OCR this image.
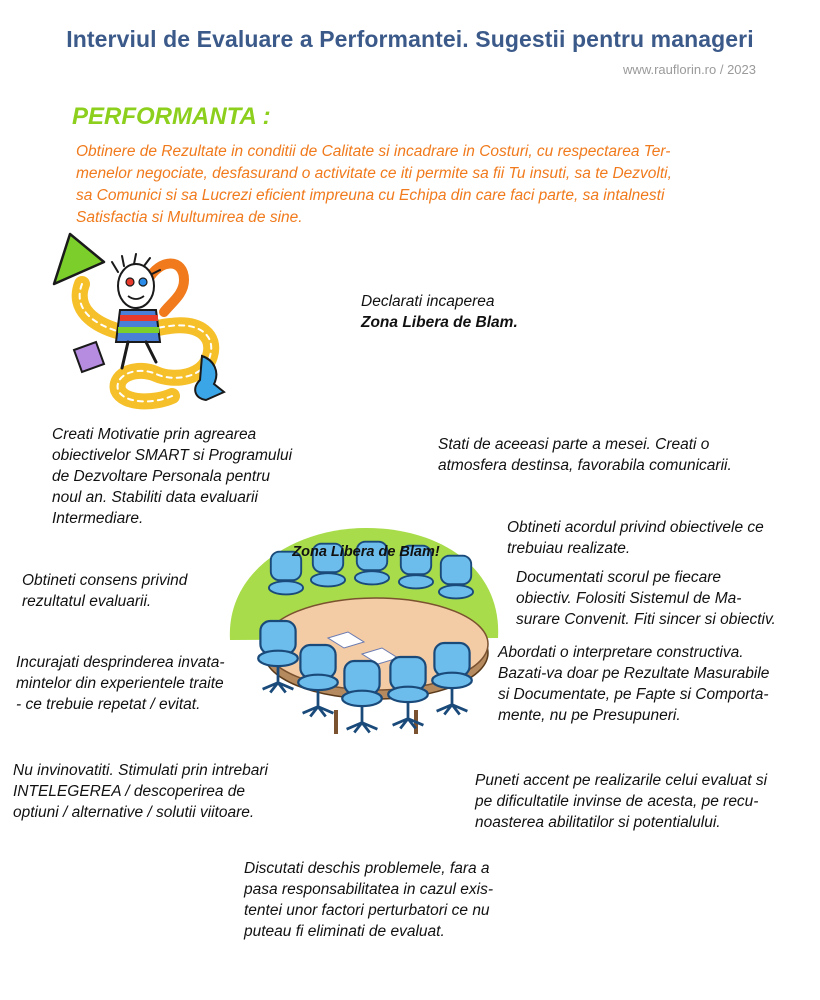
Interviul de Evaluare a Performantei. Sugestii pentru manageri
www.rauflorin.ro / 2023
PERFORMANTA :
Obtinere de Rezultate in conditii de Calitate si incadrare in Costuri, cu respectarea Ter-
menelor negociate, desfasurand o activitate ce iti permite sa fii Tu insuti, sa te Dezvolti,
sa Comunici si sa Lucrezi eficient impreuna cu Echipa din care faci parte, sa intalnesti
Satisfactia si Multumirea de sine.
Declarati incaperea
Zona Libera de Blam.
Creati Motivatie prin agrearea
obiectivelor SMART si Programului
de Dezvoltare Personala pentru
noul an. Stabiliti data evaluarii
Intermediare.
Stati de aceeasi parte a mesei. Creati o
atmosfera destinsa, favorabila comunicarii.
Obtineti acordul privind obiectivele ce
trebuiau realizate.
Documentati scorul pe fiecare
obiectiv. Folositi Sistemul de Ma-
surare Convenit. Fiti sincer si obiectiv.
Obtineti consens privind
rezultatul evaluarii.
Abordati o interpretare constructiva.
Bazati-va doar pe Rezultate Masurabile
si Documentate, pe Fapte si Comporta-
mente, nu pe Presupuneri.
Incurajati desprinderea invata-
mintelor din experientele traite
- ce trebuie repetat / evitat.
Nu invinovatiti. Stimulati prin intrebari
INTELEGEREA / descoperirea de
optiuni / alternative / solutii viitoare.
Puneti accent pe realizarile celui evaluat si
pe dificultatile invinse de acesta, pe recu-
noasterea abilitatilor si potentialului.
Discutati deschis problemele, fara a
pasa responsabilitatea in cazul exis-
tentei unor factori perturbatori ce nu
puteau fi eliminati de evaluat.
Zona Libera de Blam!
